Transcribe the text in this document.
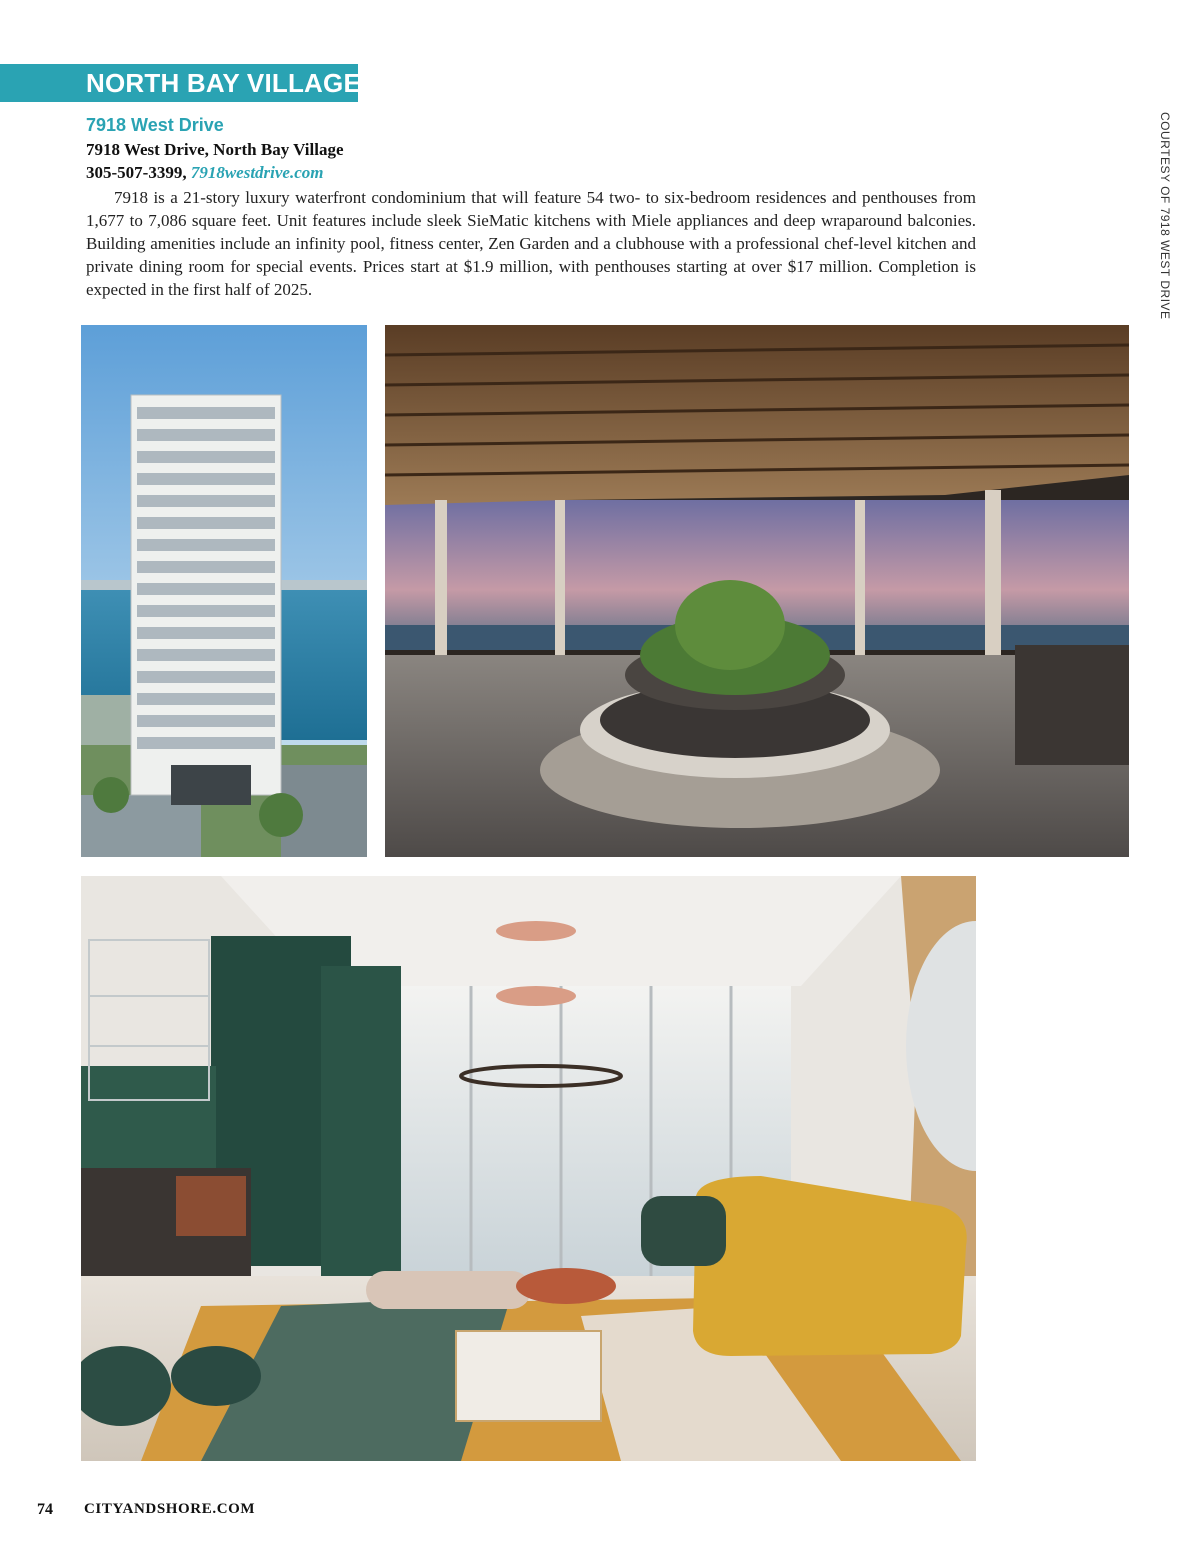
NORTH BAY VILLAGE
7918 West Drive
7918 West Drive, North Bay Village
305-507-3399, 7918westdrive.com

7918 is a 21-story luxury waterfront condominium that will feature 54 two- to six-bedroom residences and penthouses from 1,677 to 7,086 square feet. Unit features include sleek SieMatic kitchens with Miele appliances and deep wraparound balconies. Building amenities include an infinity pool, fitness center, Zen Garden and a clubhouse with a professional chef-level kitchen and private dining room for special events. Prices start at $1.9 million, with penthouses starting at over $17 million. Completion is expected in the first half of 2025.	COURTESY OF 7918 WEST DRIVE
74 CITYANDSHORE.COM
